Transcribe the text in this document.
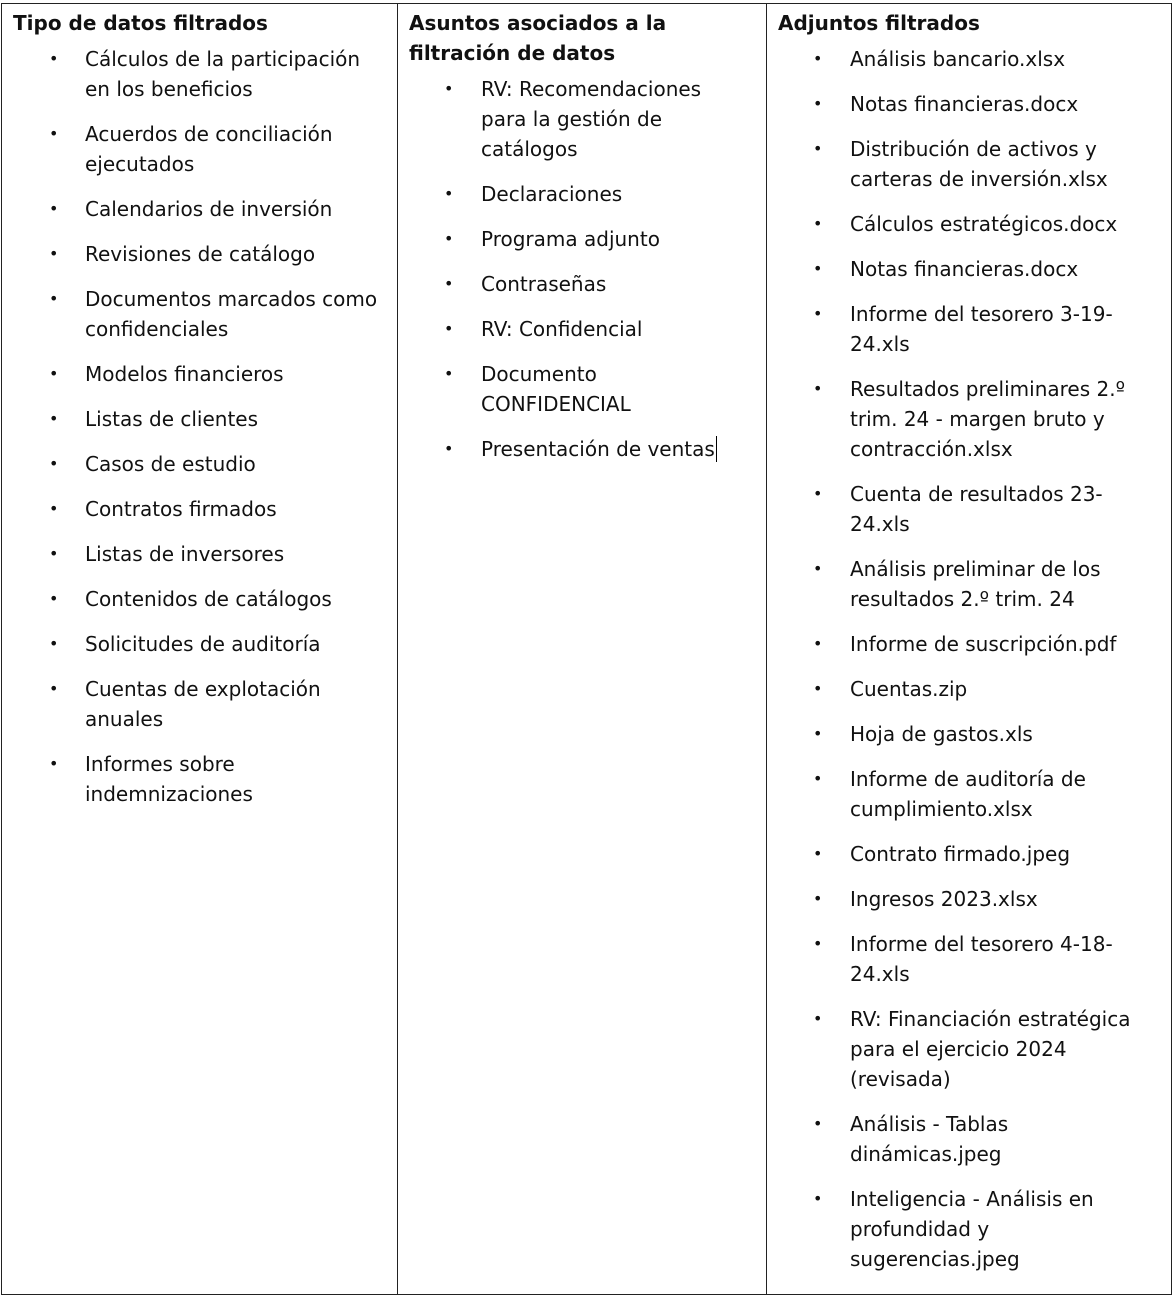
Tipo de datos filtrados
• Cálculos de la participación en los beneficios
• Acuerdos de conciliación ejecutados
• Calendarios de inversión
• Revisiones de catálogo
• Documentos marcados como confidenciales
• Modelos financieros
• Listas de clientes
• Casos de estudio
• Contratos firmados
• Listas de inversores
• Contenidos de catálogos
• Solicitudes de auditoría
• Cuentas de explotación anuales
• Informes sobre indemnizaciones

Asuntos asociados a la filtración de datos
• RV: Recomendaciones para la gestión de catálogos
• Declaraciones
• Programa adjunto
• Contraseñas
• RV: Confidencial
• Documento CONFIDENCIAL
• Presentación de ventas

Adjuntos filtrados
• Análisis bancario.xlsx
• Notas financieras.docx
• Distribución de activos y carteras de inversión.xlsx
• Cálculos estratégicos.docx
• Notas financieras.docx
• Informe del tesorero 3-19-24.xls
• Resultados preliminares 2.º trim. 24 - margen bruto y contracción.xlsx
• Cuenta de resultados 23-24.xls
• Análisis preliminar de los resultados 2.º trim. 24
• Informe de suscripción.pdf
• Cuentas.zip
• Hoja de gastos.xls
• Informe de auditoría de cumplimiento.xlsx
• Contrato firmado.jpeg
• Ingresos 2023.xlsx
• Informe del tesorero 4-18-24.xls
• RV: Financiación estratégica para el ejercicio 2024 (revisada)
• Análisis - Tablas dinámicas.jpeg
• Inteligencia - Análisis en profundidad y sugerencias.jpeg
